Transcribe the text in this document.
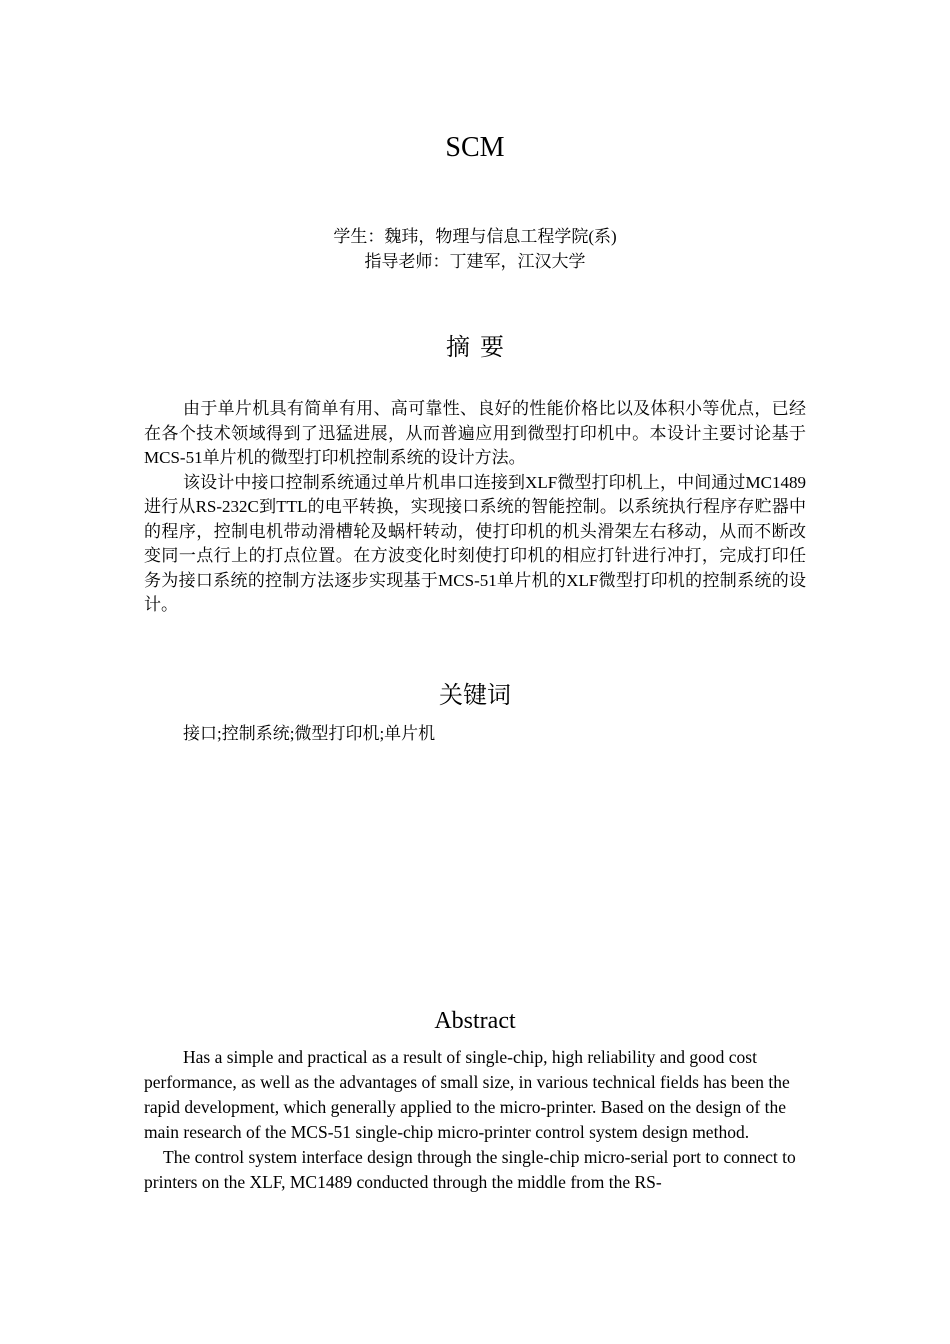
SCM
学生：魏玮，物理与信息工程学院(系)
指导老师：丁建军，江汉大学
摘要

由于单片机具有简单有用、高可靠性、良好的性能价格比以及体积小等优点，已经在各个技术领域得到了迅猛进展，从而普遍应用到微型打印机中。本设计主要讨论基于MCS-51单片机的微型打印机控制系统的设计方法。

该设计中接口控制系统通过单片机串口连接到XLF微型打印机上，中间通过MC1489进行从RS-232C到TTL的电平转换，实现接口系统的智能控制。以系统执行程序存贮器中的程序，控制电机带动滑槽轮及蜗杆转动，使打印机的机头滑架左右移动，从而不断改变同一点行上的打点位置。在方波变化时刻使打印机的相应打针进行冲打，完成打印任务为接口系统的控制方法逐步实现基于MCS-51单片机的XLF微型打印机的控制系统的设计。

关键词
接口;控制系统;微型打印机;单片机
Abstract

Has a simple and practical as a result of single-chip, high reliability and good cost performance, as well as the advantages of small size, in various technical fields has been the rapid development, which generally applied to the micro-printer. Based on the design of the main research of the MCS-51 single-chip micro-printer control system design method.

The control system interface design through the single-chip micro-serial port to connect to printers on the XLF, MC1489 conducted through the middle from the RS-
